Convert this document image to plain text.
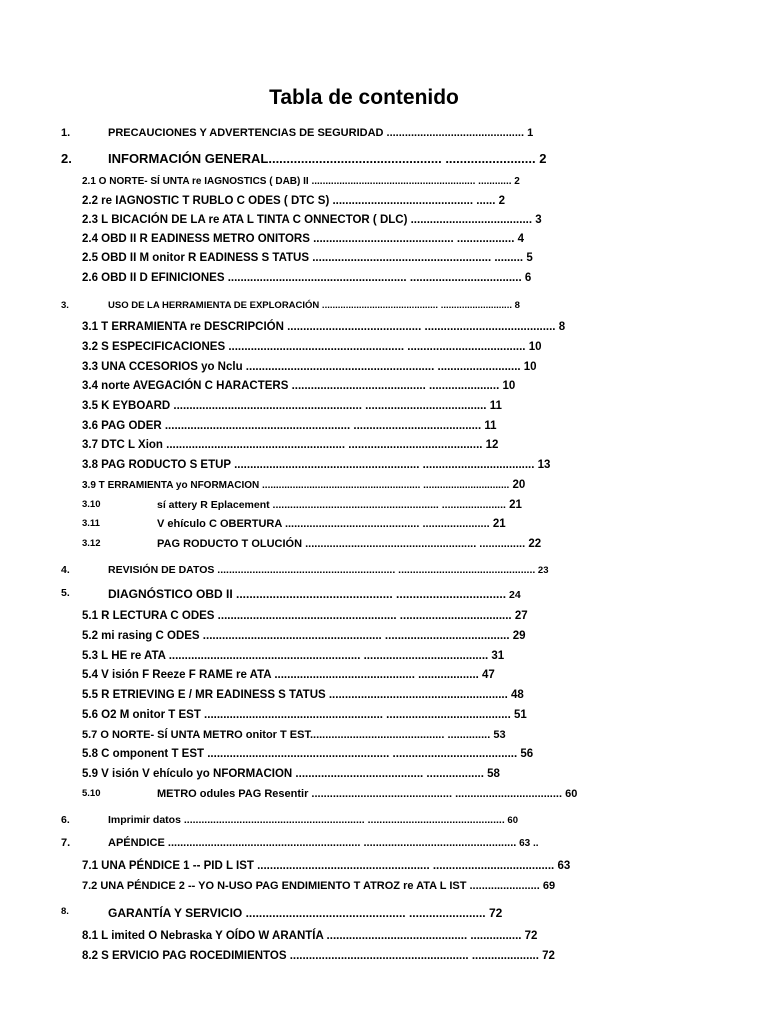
Tabla de contenido
1.	PRECAUCIONES Y ADVERTENCIAS DE SEGURIDAD ............................................. 1
2.	INFORMACIÓN GENERAL................................................ ......................... 2
2.1 O NORTE- SÍ UNTA re IAGNOSTICS ( DAB) II ........................................................... ............ 2
2.2 re IAGNOSTIC T RUBLO C ODES ( DTC S) ............................................ ...... 2
2.3 L BICACIÓN DE LA re ATA L TINTA C ONNECTOR ( DLC) ...................................... 3
2.4 OBD II R EADINESS METRO ONITORS ............................................ .................. 4
2.5 OBD II M onitor R EADINESS S TATUS ........................................................ ......... 5
2.6 OBD II D EFINICIONES ........................................................ ................................... 6
3.	USO DE LA HERRAMIENTA DE EXPLORACIÓN ............................................ ........................... 8
3.1 T ERRAMIENTA re DESCRIPCIÓN .......................................... ......................................... 8
3.2 S ESPECIFICACIONES ....................................................... ..................................... 10
3.3 UNA CCESORIOS yo Nclu ........................................................... .......................... 10
3.4 norte AVEGACIÓN C HARACTERS .......................................... ...................... 10
3.5 K EYBOARD ........................................................... ...................................... 11
3.6 PAG ODER .......................................................... ........................................ 11
3.7 DTC L Xion ........................................................ .......................................... 12
3.8 PAG RODUCTO S ETUP .......................................................... ................................... 13
3.9 T ERRAMIENTA yo NFORMACION ......................................................... ............................... 20
3.10	sí attery R Eplacement ......................................................... ...................... 21
3.11	V ehículo C OBERTURA ............................................ ...................... 21
3.12	PAG RODUCTO T OLUCIÓN ........................................................ ............... 22
4.	REVISIÓN DE DATOS ............................................................. ............................................... 23
5.	DIAGNÓSTICO OBD II ............................................... ................................. 24
5.1 R LECTURA C ODES ........................................................ ................................... 27
5.2 mi rasing C ODES ........................................................ ....................................... 29
5.3 L HE re ATA ............................................................ ....................................... 31
5.4 V isión F Reeze F RAME re ATA ............................................ ................... 47
5.5 R ETRIEVING E / MR EADINESS S TATUS ........................................................ 48
5.6 O2 M onitor T EST ........................................................ ....................................... 51
5.7 O NORTE- SÍ UNTA METRO onitor T EST............................................ .............. 53
5.8 C omponent T EST ......................................................... ....................................... 56
5.9 V isión V ehículo yo NFORMACION ........................................ .................. 58
5.10	METRO odules PAG Resentir .............................................. ................................... 60
6.	Imprimir datos .............................................................. ............................................... 60
7.	APÉNDICE ............................................................... .................................................. 63 ..
7.1 UNA PÉNDICE 1 -- PID L IST ...................................................... ...................................... 63
7.2 UNA PÉNDICE 2 -- YO N-USO PAG ENDIMIENTO T ATROZ re ATA L IST ....................... 69
8.	GARANTÍA Y SERVICIO ................................................ ....................... 72
8.1 L imited O Nebraska Y OÍDO W ARANTÍA ............................................ ................ 72
8.2 S ERVICIO PAG ROCEDIMIENTOS ........................................................ ..................... 72
